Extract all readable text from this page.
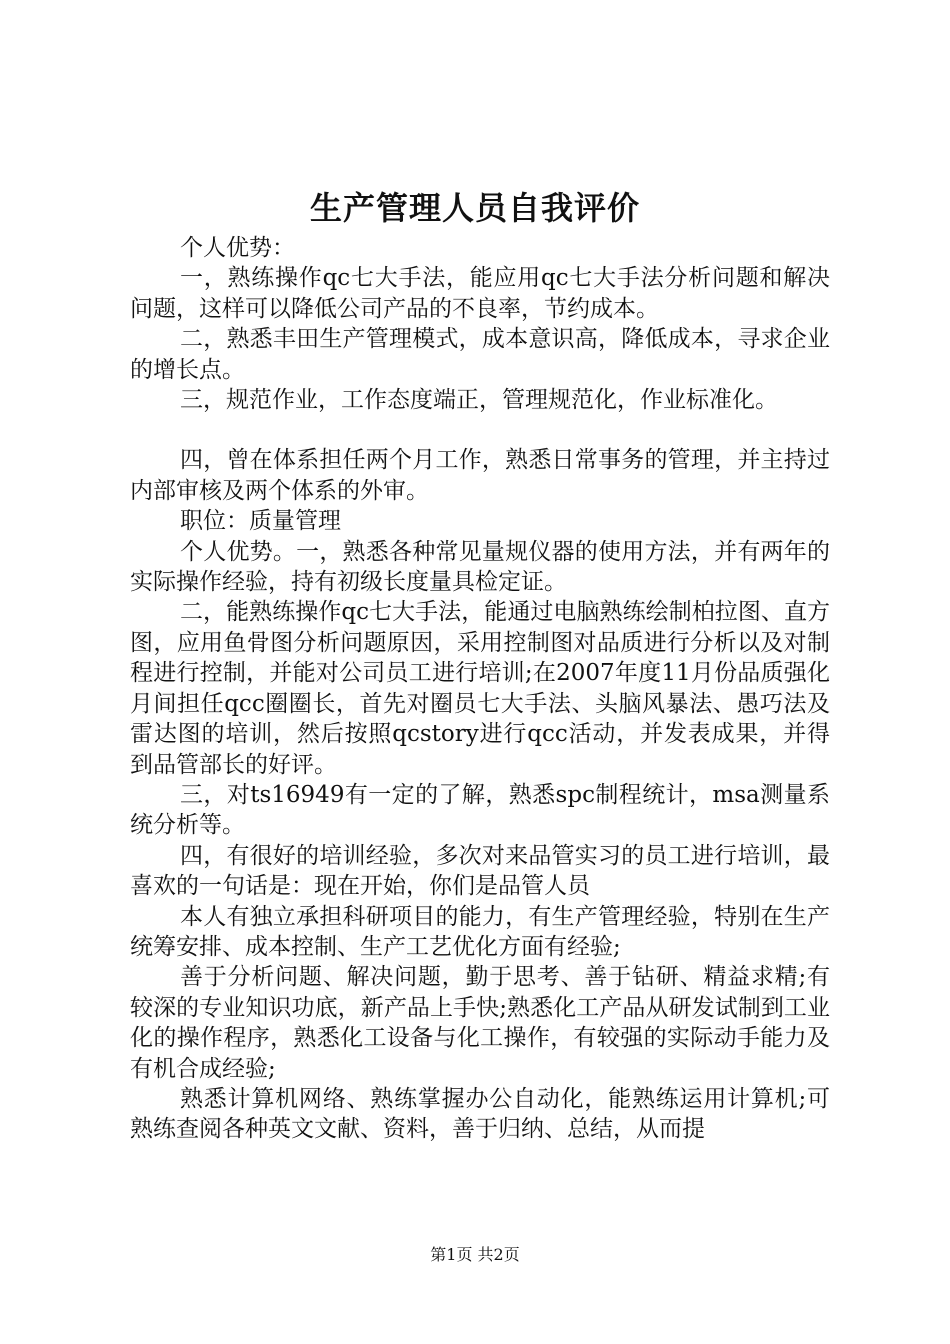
生产管理人员自我评价

个人优势：

一，熟练操作qc七大手法，能应用qc七大手法分析问题和解决问题，这样可以降低公司产品的不良率，节约成本。

二，熟悉丰田生产管理模式，成本意识高，降低成本，寻求企业的增长点。

三，规范作业，工作态度端正，管理规范化，作业标准化。

四，曾在体系担任两个月工作，熟悉日常事务的管理，并主持过内部审核及两个体系的外审。

职位：质量管理

个人优势。一，熟悉各种常见量规仪器的使用方法，并有两年的实际操作经验，持有初级长度量具检定证。

二，能熟练操作qc七大手法，能通过电脑熟练绘制柏拉图、直方图，应用鱼骨图分析问题原因，采用控制图对品质进行分析以及对制程进行控制，并能对公司员工进行培训;在2007年度11月份品质强化月间担任qcc圈圈长，首先对圈员七大手法、头脑风暴法、愚巧法及雷达图的培训，然后按照qcstory进行qcc活动，并发表成果，并得到品管部长的好评。

三，对ts16949有一定的了解，熟悉spc制程统计，msa测量系统分析等。

四，有很好的培训经验，多次对来品管实习的员工进行培训，最喜欢的一句话是：现在开始，你们是品管人员

本人有独立承担科研项目的能力，有生产管理经验，特别在生产统筹安排、成本控制、生产工艺优化方面有经验;

善于分析问题、解决问题，勤于思考、善于钻研、精益求精;有较深的专业知识功底，新产品上手快;熟悉化工产品从研发试制到工业化的操作程序，熟悉化工设备与化工操作，有较强的实际动手能力及有机合成经验;

熟悉计算机网络、熟练掌握办公自动化，能熟练运用计算机;可熟练查阅各种英文文献、资料，善于归纳、总结，从而提

第1页 共2页
